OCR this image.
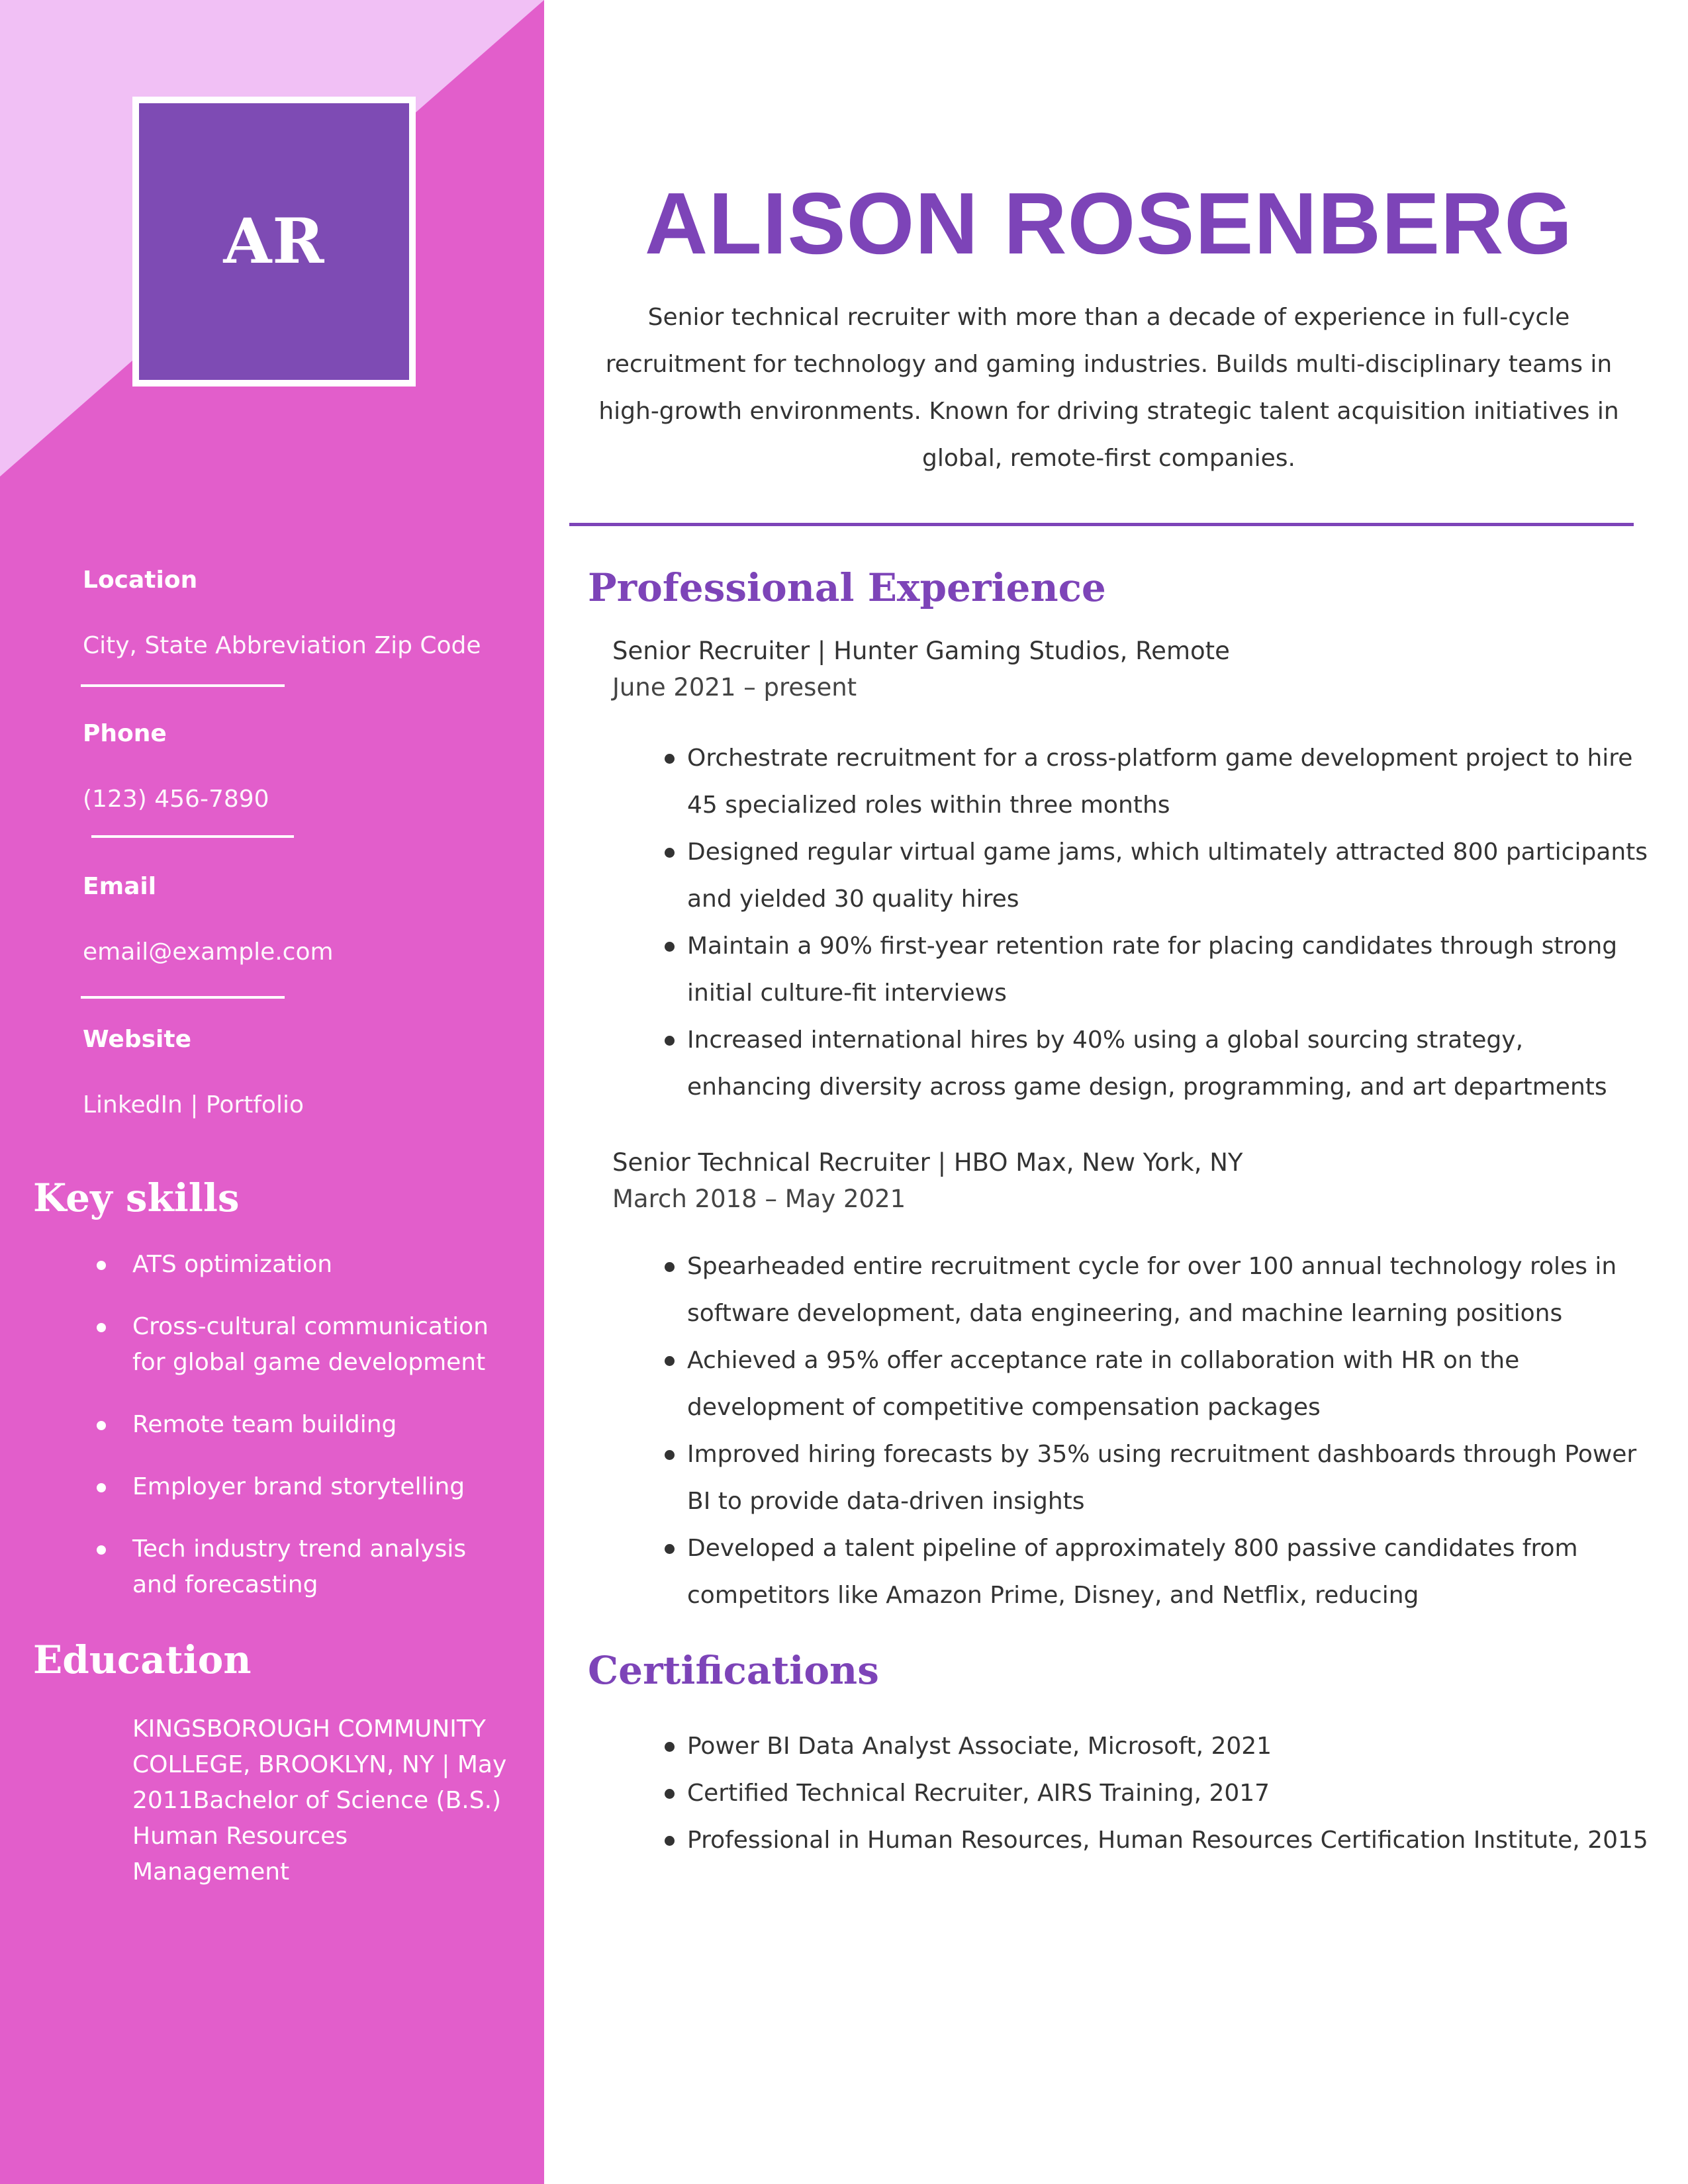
AR
Location
City, State Abbreviation Zip Code
Phone
(123) 456-7890
Email
email@example.com
Website
LinkedIn | Portfolio
Key skills
ATS optimization
Cross-cultural communication for global game development
Remote team building
Employer brand storytelling
Tech industry trend analysis and forecasting
Education
KINGSBOROUGH COMMUNITY COLLEGE, BROOKLYN, NY | May 2011Bachelor of Science (B.S.) Human Resources Management
ALISON ROSENBERG
Senior technical recruiter with more than a decade of experience in full-cycle recruitment for technology and gaming industries. Builds multi-disciplinary teams in high-growth environments. Known for driving strategic talent acquisition initiatives in global, remote-first companies.
Professional Experience
Senior Recruiter | Hunter Gaming Studios, Remote
June 2021 – present
Orchestrate recruitment for a cross-platform game development project to hire 45 specialized roles within three months
Designed regular virtual game jams, which ultimately attracted 800 participants and yielded 30 quality hires
Maintain a 90% first-year retention rate for placing candidates through strong initial culture-fit interviews
Increased international hires by 40% using a global sourcing strategy, enhancing diversity across game design, programming, and art departments
Senior Technical Recruiter | HBO Max, New York, NY
March 2018 – May 2021
Spearheaded entire recruitment cycle for over 100 annual technology roles in software development, data engineering, and machine learning positions
Achieved a 95% offer acceptance rate in collaboration with HR on the development of competitive compensation packages
Improved hiring forecasts by 35% using recruitment dashboards through Power BI to provide data-driven insights
Developed a talent pipeline of approximately 800 passive candidates from competitors like Amazon Prime, Disney, and Netflix, reducing
Certifications
Power BI Data Analyst Associate, Microsoft, 2021
Certified Technical Recruiter, AIRS Training, 2017
Professional in Human Resources, Human Resources Certification Institute, 2015
